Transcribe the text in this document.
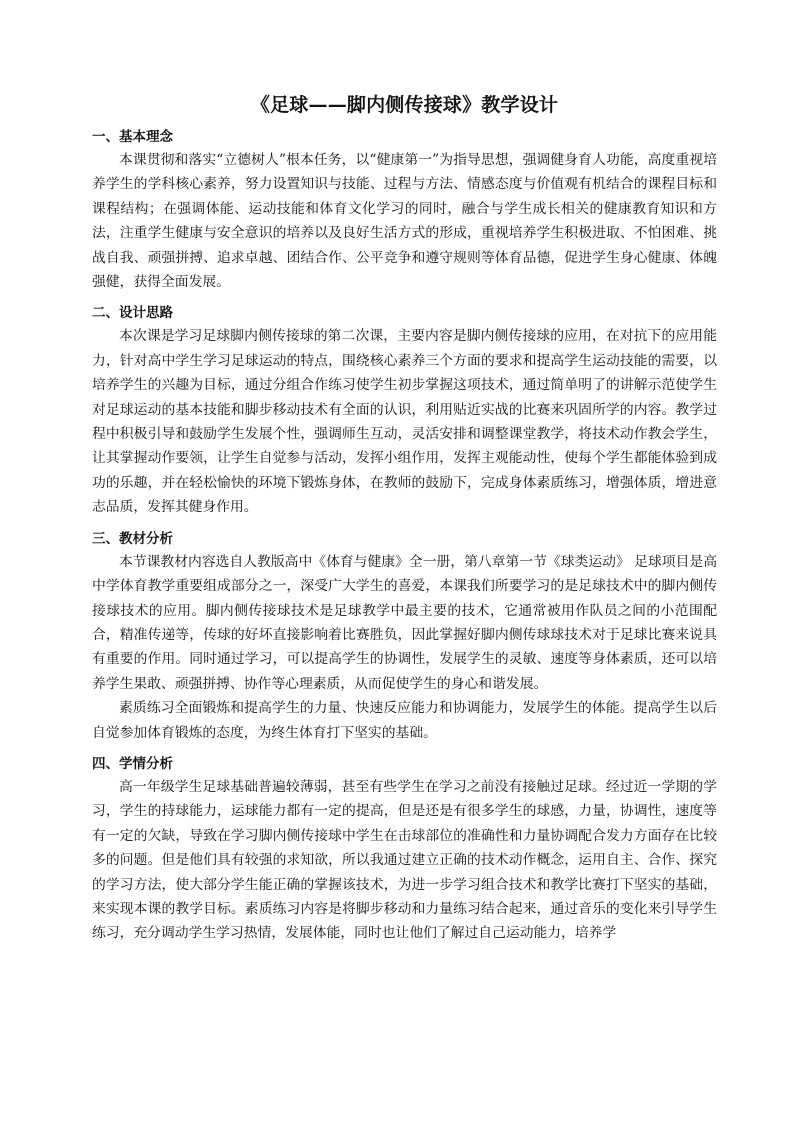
《足球——脚内侧传接球》教学设计
一、基本理念

本课贯彻和落实“立德树人”根本任务，以“健康第一”为指导思想，强调健身育人功能，高度重视培养学生的学科核心素养，努力设置知识与技能、过程与方法、情感态度与价值观有机结合的课程目标和课程结构；在强调体能、运动技能和体育文化学习的同时，融合与学生成长相关的健康教育知识和方法，注重学生健康与安全意识的培养以及良好生活方式的形成，重视培养学生积极进取、不怕困难、挑战自我、顽强拼搏、追求卓越、团结合作、公平竞争和遵守规则等体育品德，促进学生身心健康、体魄强健，获得全面发展。

二、设计思路

本次课是学习足球脚内侧传接球的第二次课，主要内容是脚内侧传接球的应用，在对抗下的应用能力，针对高中学生学习足球运动的特点，围绕核心素养三个方面的要求和提高学生运动技能的需要，以培养学生的兴趣为目标，通过分组合作练习使学生初步掌握这项技术，通过简单明了的讲解示范使学生对足球运动的基本技能和脚步移动技术有全面的认识，利用贴近实战的比赛来巩固所学的内容。教学过程中积极引导和鼓励学生发展个性，强调师生互动，灵活安排和调整课堂教学，将技术动作教会学生，让其掌握动作要领，让学生自觉参与活动，发挥小组作用，发挥主观能动性，使每个学生都能体验到成功的乐趣，并在轻松愉快的环境下锻炼身体，在教师的鼓励下，完成身体素质练习，增强体质，增进意志品质，发挥其健身作用。

三、教材分析

本节课教材内容选自人教版高中《体育与健康》全一册，第八章第一节《球类运动》 足球项目是高中学体育教学重要组成部分之一，深受广大学生的喜爱，本课我们所要学习的是足球技术中的脚内侧传接球技术的应用。脚内侧传接球技术是足球教学中最主要的技术，它通常被用作队员之间的小范围配合，精准传递等，传球的好坏直接影响着比赛胜负，因此掌握好脚内侧传球球技术对于足球比赛来说具有重要的作用。同时通过学习，可以提高学生的协调性，发展学生的灵敏、速度等身体素质，还可以培养学生果敢、顽强拼搏、协作等心理素质，从而促使学生的身心和谐发展。

素质练习全面锻炼和提高学生的力量、快速反应能力和协调能力，发展学生的体能。提高学生以后自觉参加体育锻炼的态度，为终生体育打下坚实的基础。

四、学情分析

高一年级学生足球基础普遍较薄弱，甚至有些学生在学习之前没有接触过足球。经过近一学期的学习，学生的持球能力，运球能力都有一定的提高，但是还是有很多学生的球感，力量，协调性，速度等有一定的欠缺，导致在学习脚内侧传接球中学生在击球部位的准确性和力量协调配合发力方面存在比较多的问题。但是他们具有较强的求知欲，所以我通过建立正确的技术动作概念，运用自主、合作、探究的学习方法，使大部分学生能正确的掌握该技术，为进一步学习组合技术和教学比赛打下坚实的基础，来实现本课的教学目标。素质练习内容是将脚步移动和力量练习结合起来，通过音乐的变化来引导学生练习，充分调动学生学习热情，发展体能，同时也让他们了解过自己运动能力，培养学
